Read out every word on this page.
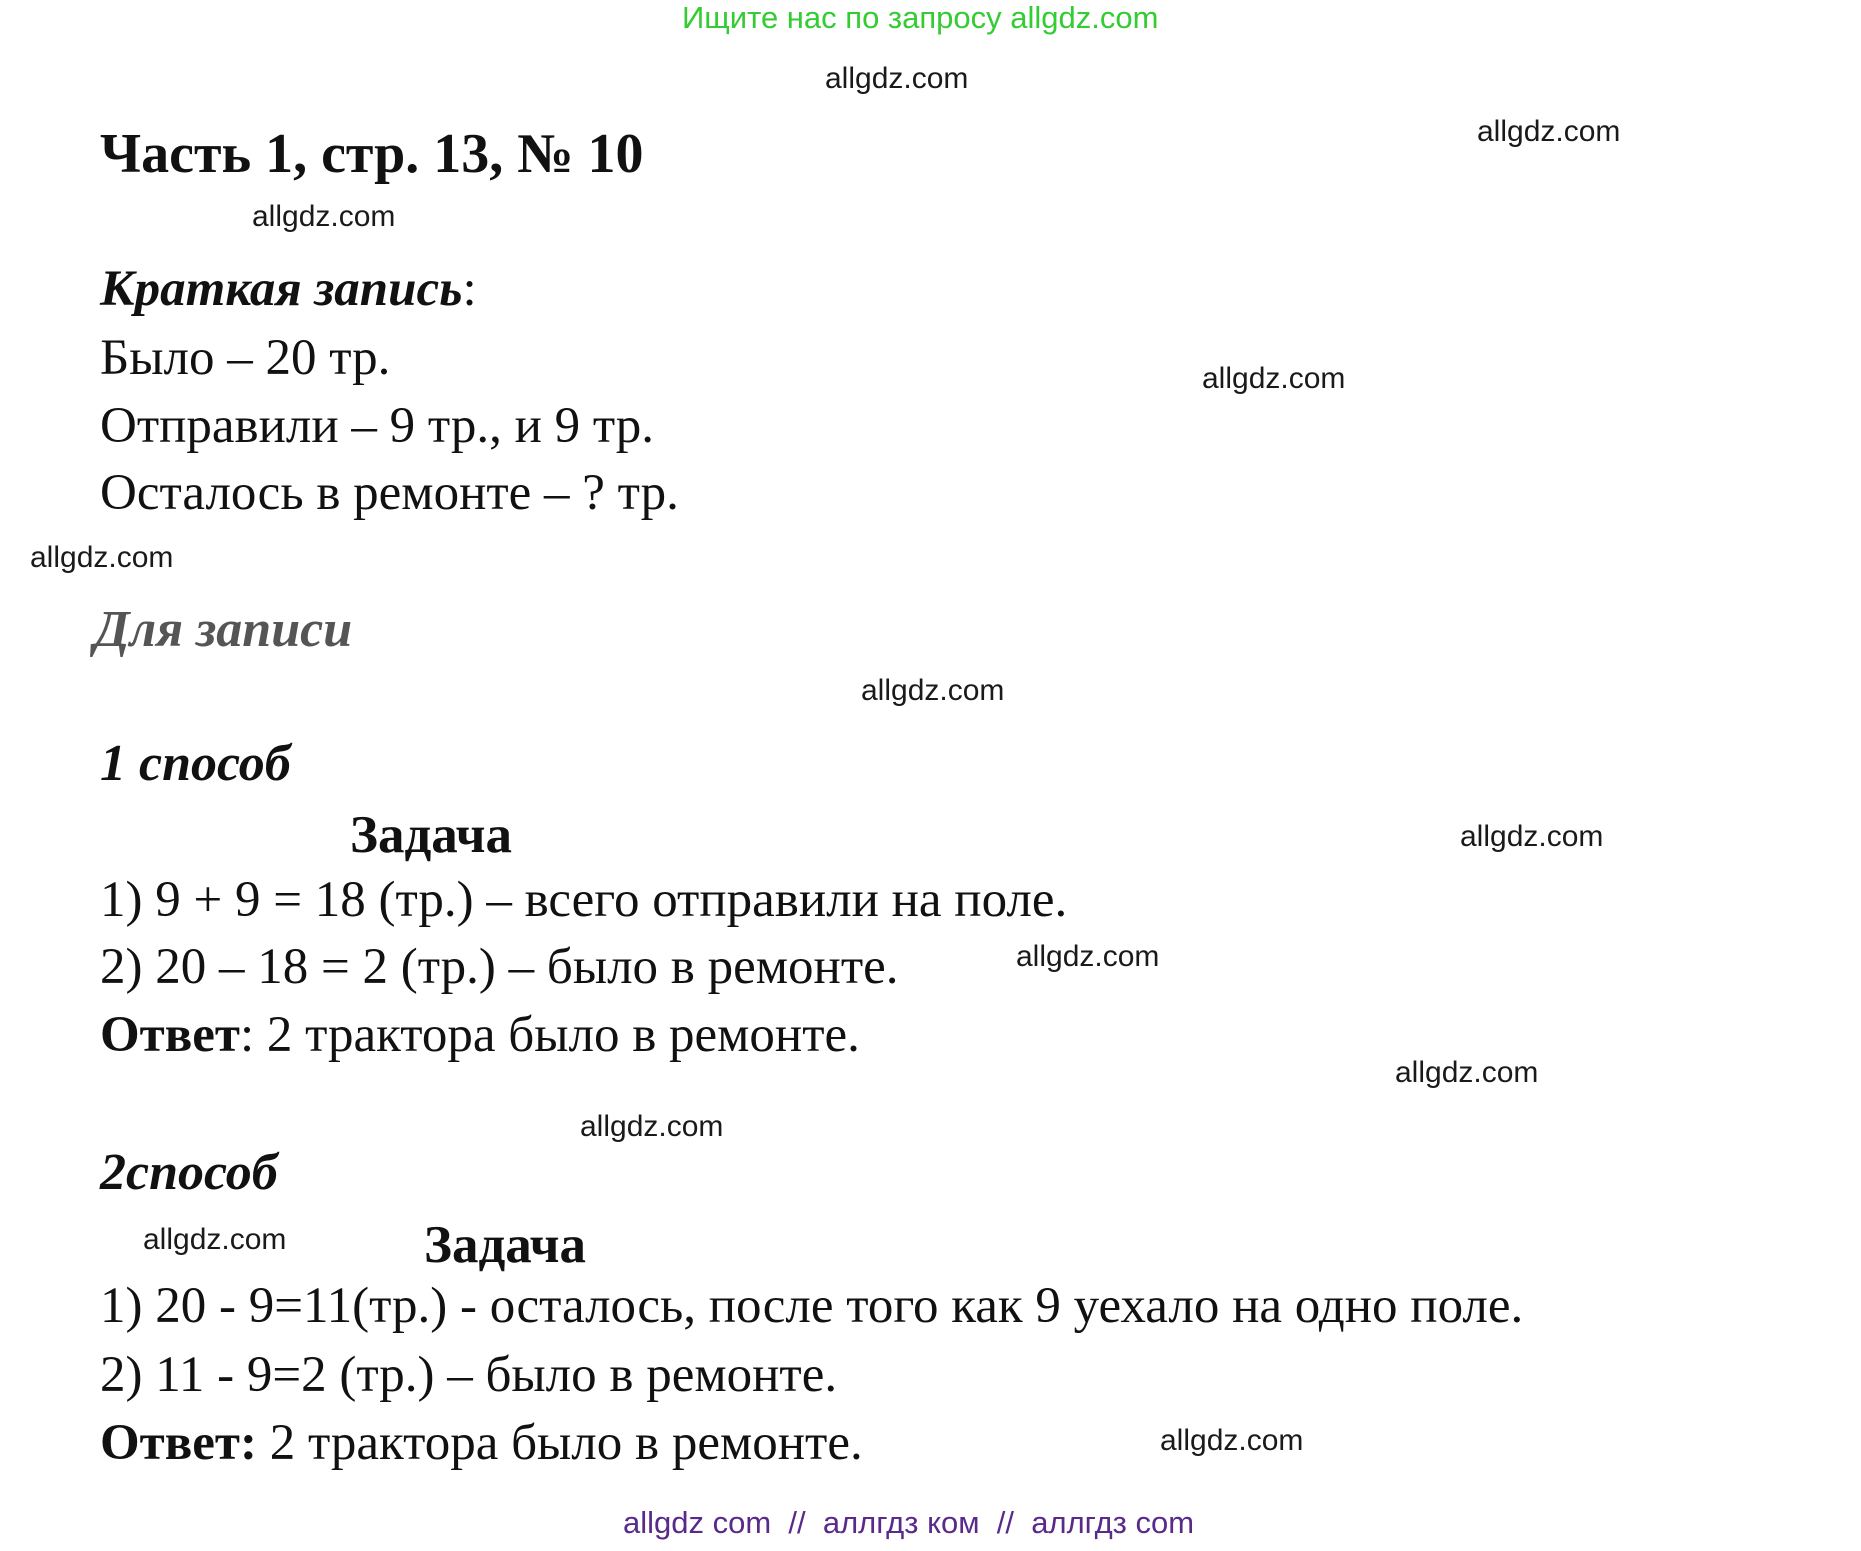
Ищите нас по запросу allgdz.com
allgdz.com
allgdz.com
allgdz.com
allgdz.com
allgdz.com
allgdz.com
allgdz.com
allgdz.com
allgdz.com
allgdz.com
allgdz.com
allgdz.com
Часть 1, стр. 13, № 10
Краткая запись:
Было – 20 тр.
Отправили – 9 тр., и 9 тр.
Осталось в ремонте – ? тр.
Для записи
1 способ
Задача
1) 9 + 9 = 18 (тр.) – всего отправили на поле.
2) 20 – 18 = 2 (тр.) – было в ремонте.
Ответ: 2 трактора было в ремонте.
2способ
Задача
1) 20 - 9=11(тр.) - осталось, после того как 9 уехало на одно поле.
2) 11 - 9=2 (тр.) – было в ремонте.
Ответ: 2 трактора было в ремонте.
allgdz com  //  аллгдз ком  //  аллгдз com
